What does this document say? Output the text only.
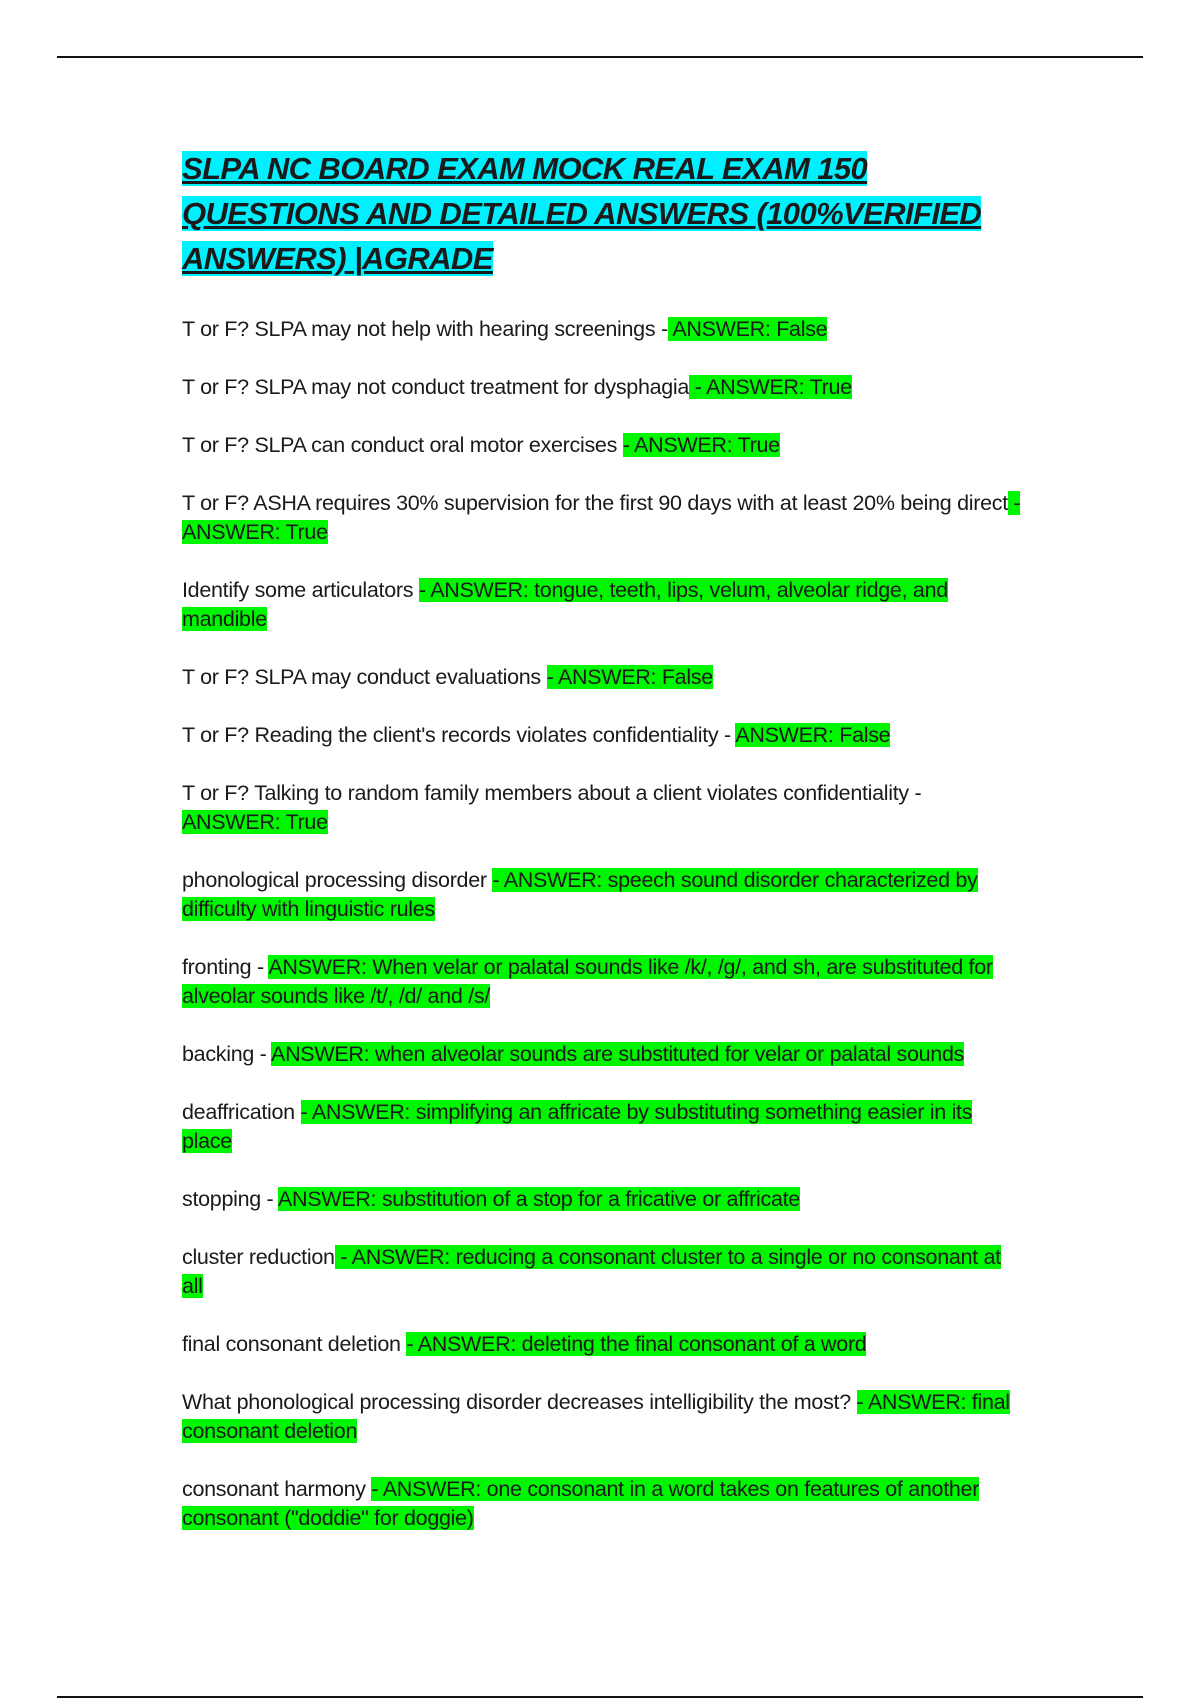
SLPA NC BOARD EXAM MOCK REAL EXAM 150 QUESTIONS AND DETAILED ANSWERS (100%VERIFIED ANSWERS) |AGRADE
T or F? SLPA may not help with hearing screenings - ANSWER: False
T or F? SLPA may not conduct treatment for dysphagia - ANSWER: True
T or F? SLPA can conduct oral motor exercises - ANSWER: True
T or F? ASHA requires 30% supervision for the first 90 days with at least 20% being direct - ANSWER: True
Identify some articulators - ANSWER: tongue, teeth, lips, velum, alveolar ridge, and mandible
T or F? SLPA may conduct evaluations - ANSWER: False
T or F? Reading the client's records violates confidentiality - ANSWER: False
T or F? Talking to random family members about a client violates confidentiality - ANSWER: True
phonological processing disorder - ANSWER: speech sound disorder characterized by difficulty with linguistic rules
fronting - ANSWER: When velar or palatal sounds like /k/, /g/, and sh, are substituted for alveolar sounds like /t/, /d/ and /s/
backing - ANSWER: when alveolar sounds are substituted for velar or palatal sounds
deaffrication - ANSWER: simplifying an affricate by substituting something easier in its place
stopping - ANSWER: substitution of a stop for a fricative or affricate
cluster reduction - ANSWER: reducing a consonant cluster to a single or no consonant at all
final consonant deletion - ANSWER: deleting the final consonant of a word
What phonological processing disorder decreases intelligibility the most? - ANSWER: final consonant deletion
consonant harmony - ANSWER: one consonant in a word takes on features of another consonant ("doddie" for doggie)
